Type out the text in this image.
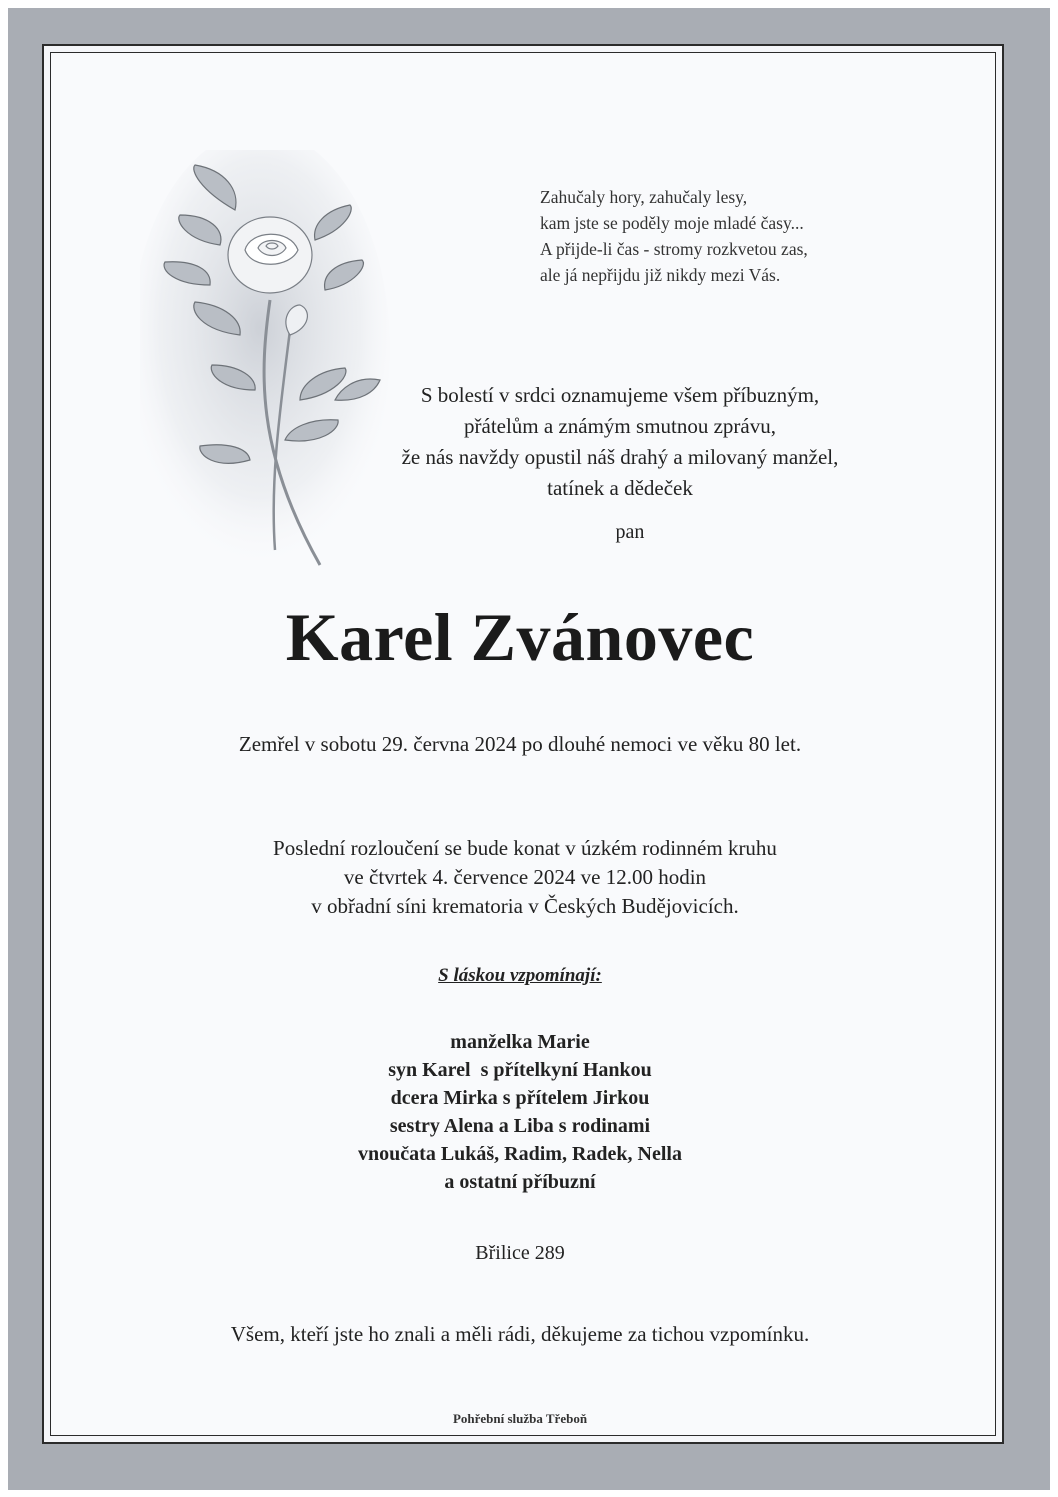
Zahučaly hory, zahučaly lesy,
kam jste se poděly moje mladé časy...
A přijde-li čas - stromy rozkvetou zas,
ale já nepřijdu již nikdy mezi Vás.
S bolestí v srdci oznamujeme všem příbuzným,
přátelům a známým smutnou zprávu,
že nás navždy opustil náš drahý a milovaný manžel,
tatínek a dědeček
pan
Karel Zvánovec
Zemřel v sobotu 29. června 2024 po dlouhé nemoci ve věku 80 let.
Poslední rozloučení se bude konat v úzkém rodinném kruhu
ve čtvrtek 4. července 2024 ve 12.00 hodin
v obřadní síni krematoria v Českých Budějovicích.
S láskou vzpomínají:
manželka Marie
syn Karel  s přítelkyní Hankou
dcera Mirka s přítelem Jirkou
sestry Alena a Liba s rodinami
vnoučata Lukáš, Radim, Radek, Nella
a ostatní příbuzní
Břilice 289
Všem, kteří jste ho znali a měli rádi, děkujeme za tichou vzpomínku.
Pohřební služba Třeboň
